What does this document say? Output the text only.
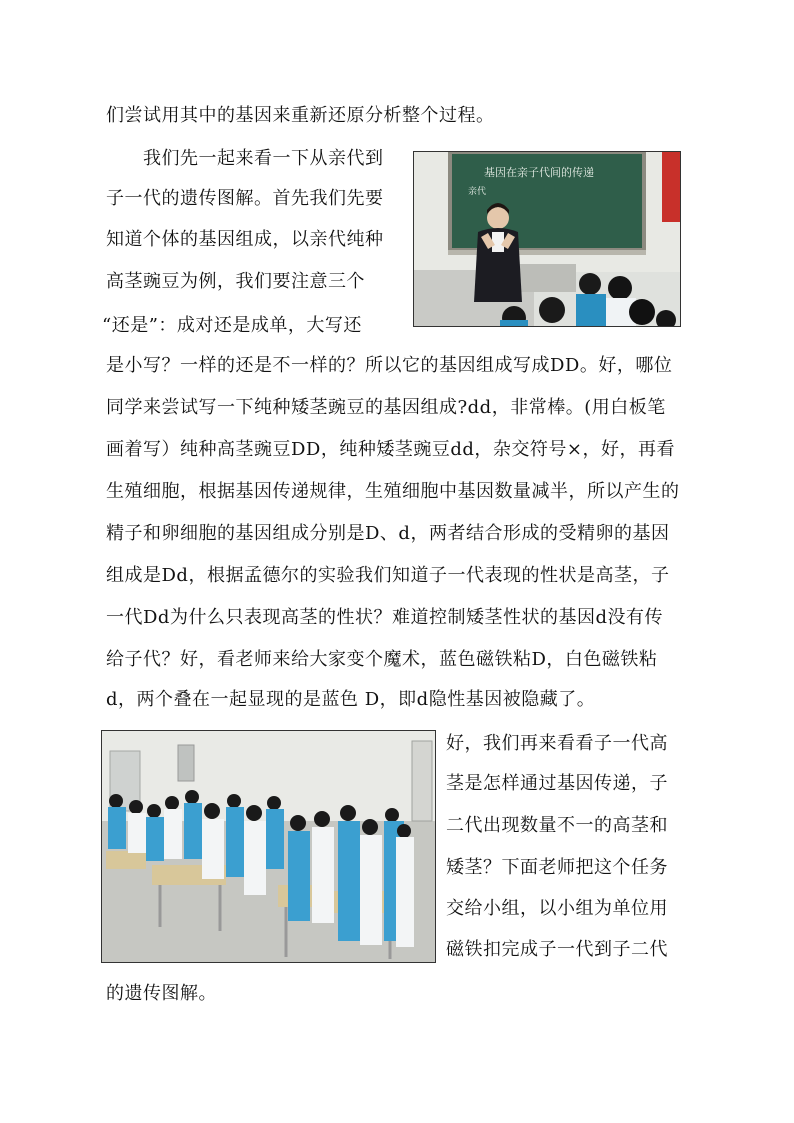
们尝试用其中的基因来重新还原分析整个过程。
我们先一起来看一下从亲代到
子一代的遗传图解。首先我们先要
知道个体的基因组成，以亲代纯种
高茎豌豆为例，我们要注意三个
“还是”：成对还是成单，大写还
是小写？一样的还是不一样的？所以它的基因组成写成DD。好，哪位
同学来尝试写一下纯种矮茎豌豆的基因组成?dd，非常棒。(用白板笔
画着写）纯种高茎豌豆DD，纯种矮茎豌豆dd，杂交符号×，好，再看
生殖细胞，根据基因传递规律，生殖细胞中基因数量减半，所以产生的
精子和卵细胞的基因组成分别是D、d，两者结合形成的受精卵的基因
组成是Dd，根据孟德尔的实验我们知道子一代表现的性状是高茎，子
一代Dd为什么只表现高茎的性状？难道控制矮茎性状的基因d没有传
给子代？好，看老师来给大家变个魔术，蓝色磁铁粘D，白色磁铁粘
d，两个叠在一起显现的是蓝色 D，即d隐性基因被隐藏了。
好，我们再来看看子一代高
茎是怎样通过基因传递，子
二代出现数量不一的高茎和
矮茎？下面老师把这个任务
交给小组，以小组为单位用
磁铁扣完成子一代到子二代
的遗传图解。
基因在亲子代间的传递
亲代
